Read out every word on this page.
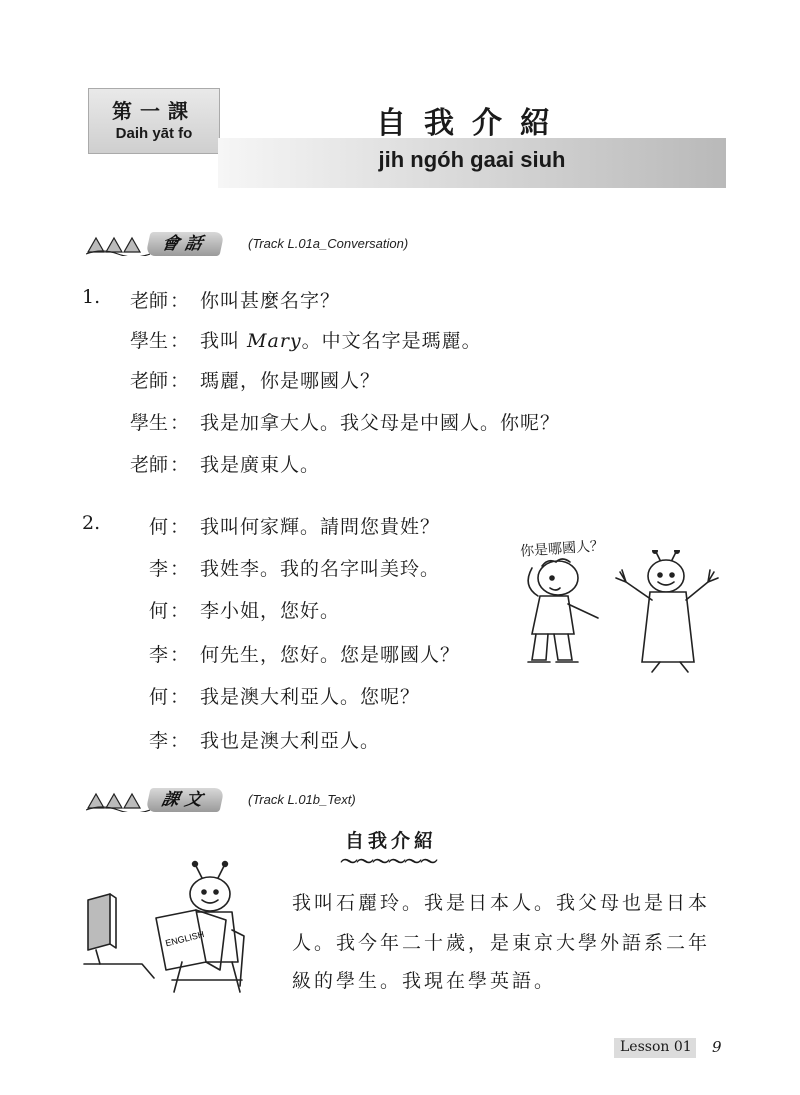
第一課
Daih yāt fo	自我介紹
jih ngóh gaai siuh
會話	(Track L.01a_Conversation)
1.	老師 ： 你叫甚麼名字？
學生 ： 我叫 Mary。中文名字是瑪麗。
老師 ： 瑪麗，你是哪國人？
學生 ： 我是加拿大人。我父母是中國人。你呢？
老師 ： 我是廣東人。
2.	何 ： 我叫何家輝。請問您貴姓？
李 ： 我姓李。我的名字叫美玲。
何 ： 李小姐，您好。
李 ： 何先生，您好。您是哪國人？
何 ： 我是澳大利亞人。您呢？
李 ： 我也是澳大利亞人。
你是哪國人？
課文	(Track L.01b_Text)
自我介紹
～～～～～～
ENGLISH
我叫石麗玲。我是日本人。我父母也是日本
人。我今年二十歲，是東京大學外語系二年
級的學生。我現在學英語。
Lesson 01 9
